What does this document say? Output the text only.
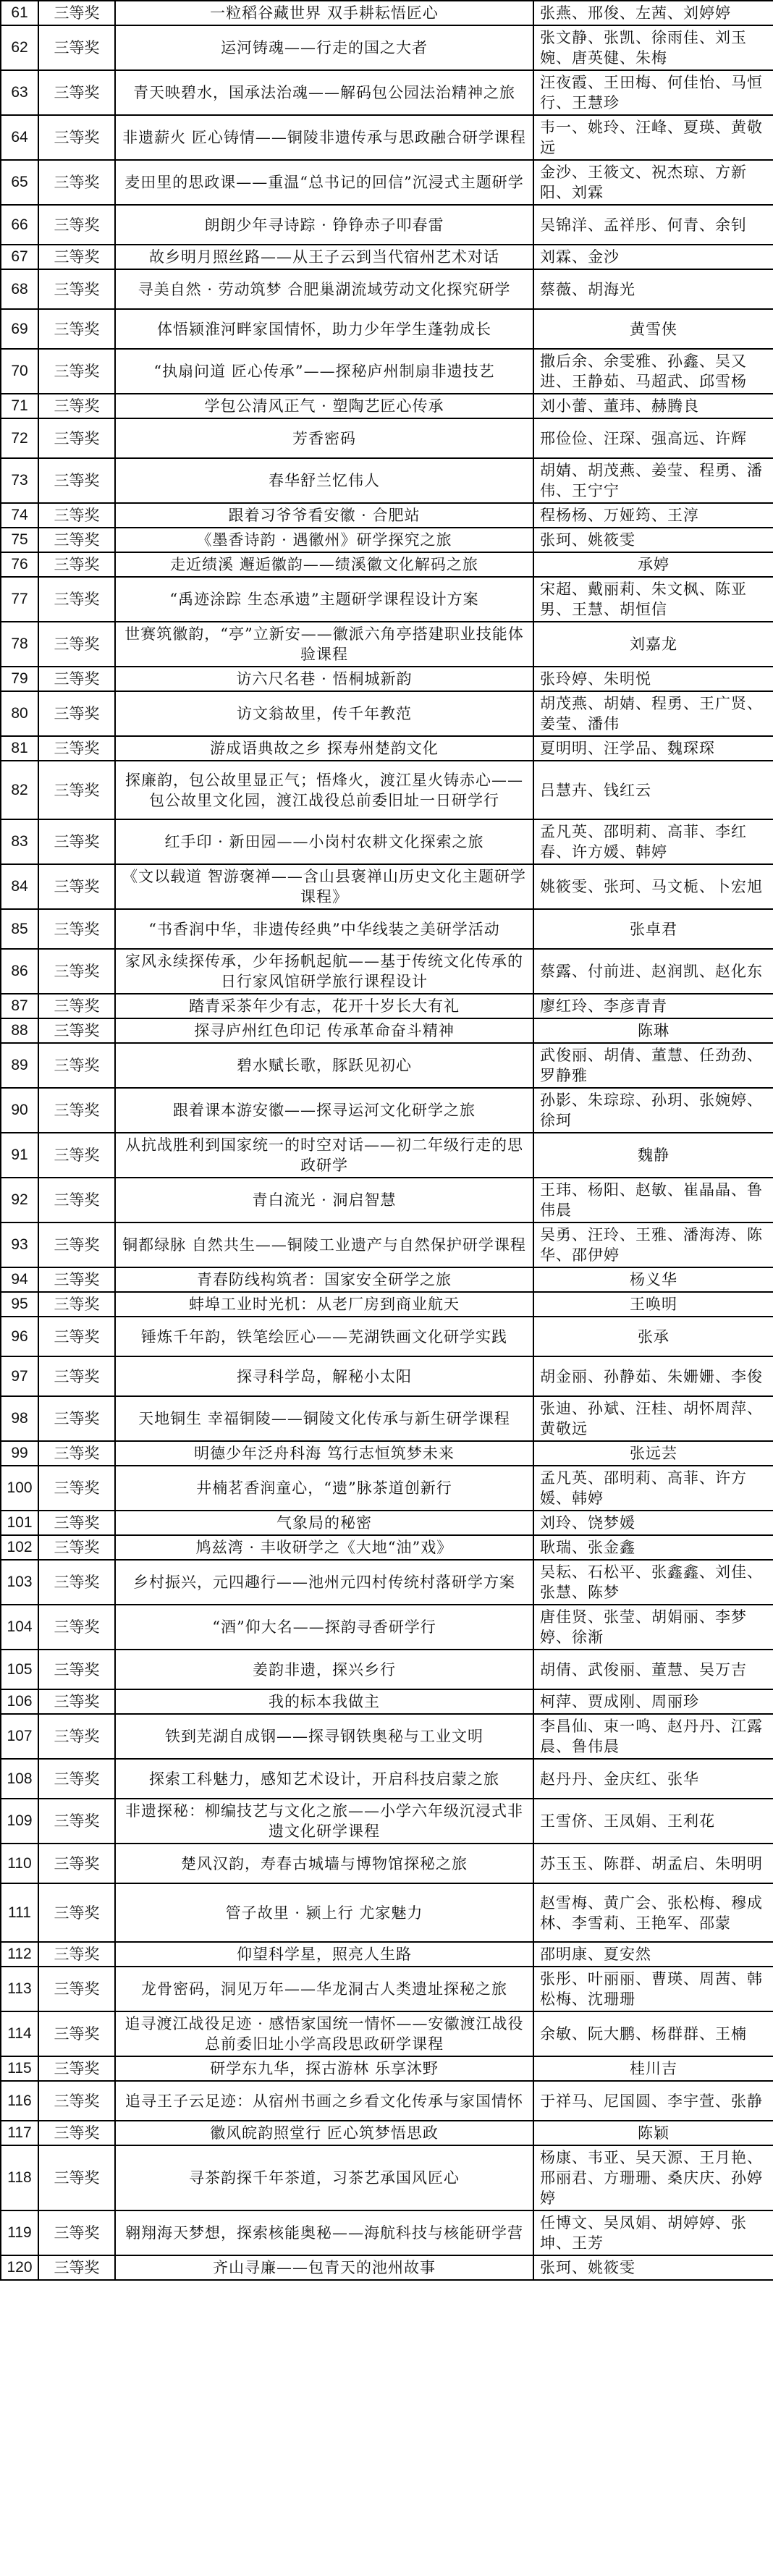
61	三等奖	一粒稻谷藏世界 双手耕耘悟匠心	张燕、邢俊、左茜、刘婷婷
62	三等奖	运河铸魂——行走的国之大者	张文静、张凯、徐雨佳、刘玉婉、唐英健、朱梅
63	三等奖	青天映碧水，国承法治魂——解码包公园法治精神之旅	汪夜霞、王田梅、何佳怡、马恒行、王慧珍
64	三等奖	非遗薪火 匠心铸情——铜陵非遗传承与思政融合研学课程	韦一、姚玲、汪峰、夏瑛、黄敬远
65	三等奖	麦田里的思政课——重温“总书记的回信”沉浸式主题研学	金沙、王筱文、祝杰琼、方新阳、刘霖
66	三等奖	朗朗少年寻诗踪 · 铮铮赤子叩春雷	吴锦洋、孟祥彤、何青、余钊
67	三等奖	故乡明月照丝路——从王子云到当代宿州艺术对话	刘霖、金沙
68	三等奖	寻美自然 · 劳动筑梦 合肥巢湖流域劳动文化探究研学	蔡薇、胡海光
69	三等奖	体悟颍淮河畔家国情怀，助力少年学生蓬勃成长	黄雪侠
70	三等奖	“执扇问道 匠心传承”——探秘庐州制扇非遗技艺	撒后余、余雯雅、孙鑫、吴又进、王静茹、马超武、邱雪杨
71	三等奖	学包公清风正气 · 塑陶艺匠心传承	刘小蕾、董玮、赫腾良
72	三等奖	芳香密码	邢俭俭、汪琛、强高远、许辉
73	三等奖	春华舒兰忆伟人	胡婧、胡茂燕、姜莹、程勇、潘伟、王宁宁
74	三等奖	跟着习爷爷看安徽 · 合肥站	程杨杨、万娅筠、王淳
75	三等奖	《墨香诗韵 · 遇徽州》研学探究之旅	张珂、姚筱雯
76	三等奖	走近绩溪 邂逅徽韵——绩溪徽文化解码之旅	承婷
77	三等奖	“禹迹涂踪 生态承遗”主题研学课程设计方案	宋超、戴丽莉、朱文枫、陈亚男、王慧、胡恒信
78	三等奖	世赛筑徽韵，“亭”立新安——徽派六角亭搭建职业技能体验课程	刘嘉龙
79	三等奖	访六尺名巷 · 悟桐城新韵	张玲婷、朱明悦
80	三等奖	访文翁故里，传千年教范	胡茂燕、胡婧、程勇、王广贤、姜莹、潘伟
81	三等奖	游成语典故之乡 探寿州楚韵文化	夏明明、汪学品、魏琛琛
82	三等奖	探廉韵，包公故里显正气；悟烽火，渡江星火铸赤心——包公故里文化园，渡江战役总前委旧址一日研学行	吕慧卉、钱红云
83	三等奖	红手印 · 新田园——小岗村农耕文化探索之旅	孟凡英、邵明莉、高菲、李红春、许方媛、韩婷
84	三等奖	《文以载道 智游褒禅——含山县褒禅山历史文化主题研学课程》	姚筱雯、张珂、马文栀、卜宏旭
85	三等奖	“书香润中华，非遗传经典”中华线装之美研学活动	张卓君
86	三等奖	家风永续探传承，少年扬帆起航——基于传统文化传承的日行家风馆研学旅行课程设计	蔡露、付前进、赵润凯、赵化东
87	三等奖	踏青采茶年少有志，花开十岁长大有礼	廖红玲、李彦青青
88	三等奖	探寻庐州红色印记 传承革命奋斗精神	陈琳
89	三等奖	碧水赋长歌，豚跃见初心	武俊丽、胡倩、董慧、任劲劲、罗静雅
90	三等奖	跟着课本游安徽——探寻运河文化研学之旅	孙影、朱琮琮、孙玥、张婉婷、徐珂
91	三等奖	从抗战胜利到国家统一的时空对话——初二年级行走的思政研学	魏静
92	三等奖	青白流光 · 洞启智慧	王玮、杨阳、赵敏、崔晶晶、鲁伟晨
93	三等奖	铜都绿脉 自然共生——铜陵工业遗产与自然保护研学课程	吴勇、汪玲、王雅、潘海涛、陈华、邵伊婷
94	三等奖	青春防线构筑者：国家安全研学之旅	杨义华
95	三等奖	蚌埠工业时光机：从老厂房到商业航天	王唤明
96	三等奖	锤炼千年韵，铁笔绘匠心——芜湖铁画文化研学实践	张承
97	三等奖	探寻科学岛，解秘小太阳	胡金丽、孙静茹、朱姗姗、李俊
98	三等奖	天地铜生 幸福铜陵——铜陵文化传承与新生研学课程	张迪、孙斌、汪桂、胡怀周萍、黄敬远
99	三等奖	明德少年泛舟科海 笃行志恒筑梦未来	张远芸
100	三等奖	井楠茗香润童心，“遗”脉茶道创新行	孟凡英、邵明莉、高菲、许方媛、韩婷
101	三等奖	气象局的秘密	刘玲、饶梦媛
102	三等奖	鸠兹湾 · 丰收研学之《大地“油”戏》	耿瑞、张金鑫
103	三等奖	乡村振兴，元四趣行——池州元四村传统村落研学方案	吴耘、石松平、张鑫鑫、刘佳、张慧、陈梦
104	三等奖	“酒”仰大名——探韵寻香研学行	唐佳贤、张莹、胡娟丽、李梦婷、徐渐
105	三等奖	姜韵非遗，探兴乡行	胡倩、武俊丽、董慧、吴万吉
106	三等奖	我的标本我做主	柯萍、贾成刚、周丽珍
107	三等奖	铁到芜湖自成钢——探寻钢铁奥秘与工业文明	李昌仙、束一鸣、赵丹丹、江露晨、鲁伟晨
108	三等奖	探索工科魅力，感知艺术设计，开启科技启蒙之旅	赵丹丹、金庆红、张华
109	三等奖	非遗探秘：柳编技艺与文化之旅——小学六年级沉浸式非遗文化研学课程	王雪侪、王凤娟、王利花
110	三等奖	楚风汉韵，寿春古城墙与博物馆探秘之旅	苏玉玉、陈群、胡孟启、朱明明
111	三等奖	管子故里 · 颍上行 尤家魅力	赵雪梅、黄广会、张松梅、穆成林、李雪莉、王艳军、邵蒙
112	三等奖	仰望科学星，照亮人生路	邵明康、夏安然
113	三等奖	龙骨密码，洞见万年——华龙洞古人类遗址探秘之旅	张彤、叶丽丽、曹瑛、周茜、韩松梅、沈珊珊
114	三等奖	追寻渡江战役足迹 · 感悟家国统一情怀——安徽渡江战役总前委旧址小学高段思政研学课程	余敏、阮大鹏、杨群群、王楠
115	三等奖	研学东九华，探古游林 乐享沐野	桂川吉
116	三等奖	追寻王子云足迹：从宿州书画之乡看文化传承与家国情怀	于祥马、尼国圆、李宇萱、张静
117	三等奖	徽风皖韵照堂行 匠心筑梦悟思政	陈颖
118	三等奖	寻茶韵探千年茶道，习茶艺承国风匠心	杨康、韦亚、吴天源、王月艳、邢丽君、方珊珊、桑庆庆、孙婷婷
119	三等奖	翱翔海天梦想，探索核能奥秘——海航科技与核能研学营	任博文、吴凤娟、胡婷婷、张坤、王芳
120	三等奖	齐山寻廉——包青天的池州故事	张珂、姚筱雯
